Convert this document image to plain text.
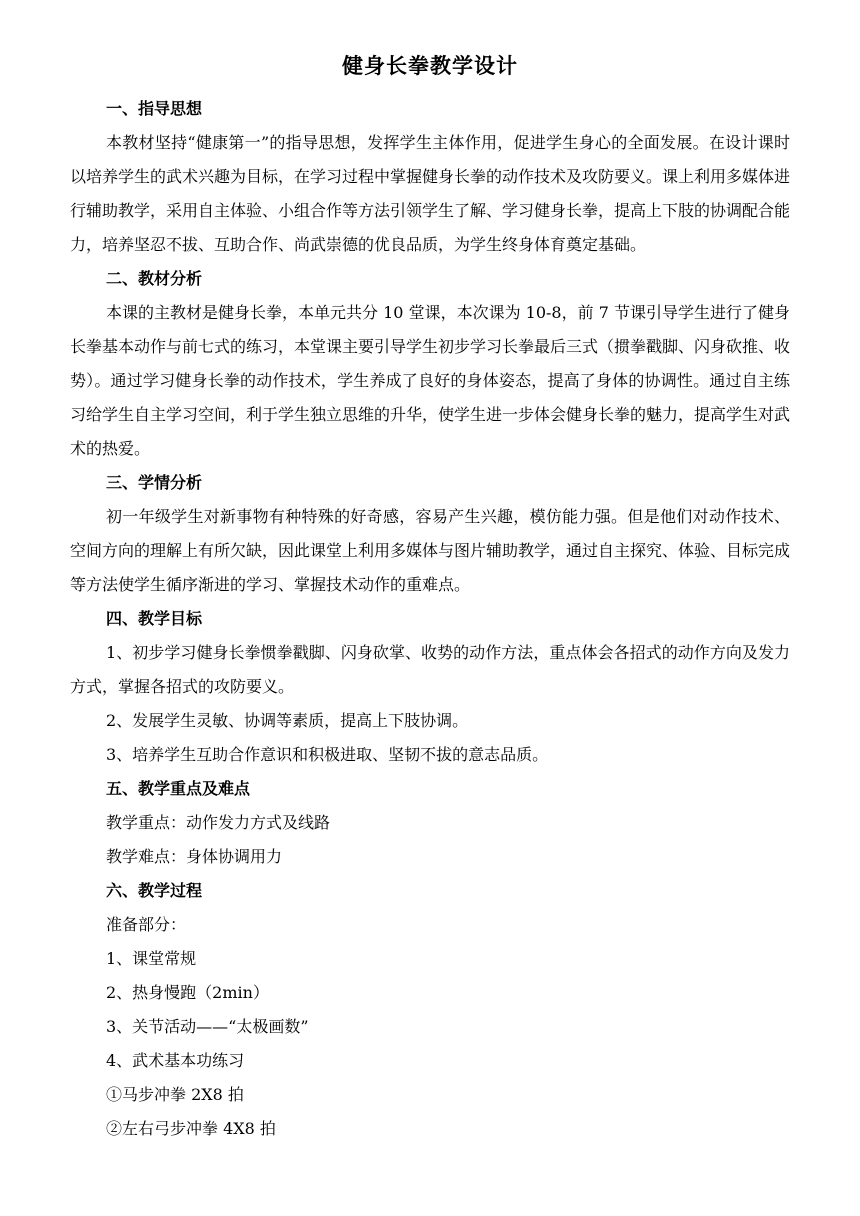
健身长拳教学设计

一、指导思想

本教材坚持“健康第一”的指导思想，发挥学生主体作用，促进学生身心的全面发展。在设计课时以培养学生的武术兴趣为目标，在学习过程中掌握健身长拳的动作技术及攻防要义。课上利用多媒体进行辅助教学，采用自主体验、小组合作等方法引领学生了解、学习健身长拳，提高上下肢的协调配合能力，培养坚忍不拔、互助合作、尚武崇德的优良品质，为学生终身体育奠定基础。

二、教材分析

本课的主教材是健身长拳，本单元共分 10 堂课，本次课为 10-8，前 7 节课引导学生进行了健身长拳基本动作与前七式的练习，本堂课主要引导学生初步学习长拳最后三式（掼拳戳脚、闪身砍推、收势）。通过学习健身长拳的动作技术，学生养成了良好的身体姿态，提高了身体的协调性。通过自主练习给学生自主学习空间，利于学生独立思维的升华，使学生进一步体会健身长拳的魅力，提高学生对武术的热爱。

三、学情分析

初一年级学生对新事物有种特殊的好奇感，容易产生兴趣，模仿能力强。但是他们对动作技术、空间方向的理解上有所欠缺，因此课堂上利用多媒体与图片辅助教学，通过自主探究、体验、目标完成等方法使学生循序渐进的学习、掌握技术动作的重难点。

四、教学目标

1、初步学习健身长拳惯拳戳脚、闪身砍掌、收势的动作方法，重点体会各招式的动作方向及发力方式，掌握各招式的攻防要义。

2、发展学生灵敏、协调等素质，提高上下肢协调。

3、培养学生互助合作意识和积极进取、坚韧不拔的意志品质。

五、教学重点及难点

教学重点：动作发力方式及线路

教学难点：身体协调用力

六、教学过程

准备部分：

1、课堂常规

2、热身慢跑（2min）

3、关节活动——“太极画数”

4、武术基本功练习

①马步冲拳 2X8 拍

②左右弓步冲拳 4X8 拍
